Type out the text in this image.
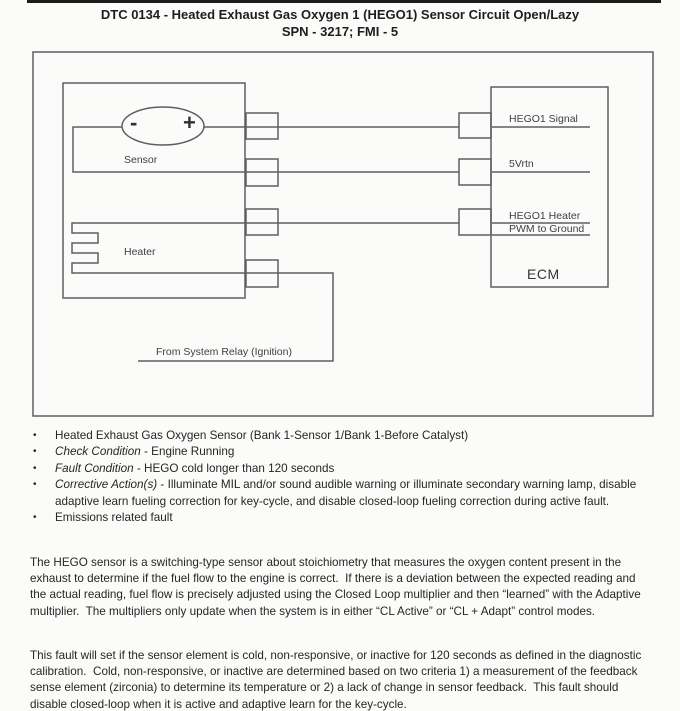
DTC 0134 - Heated Exhaust Gas Oxygen 1 (HEGO1) Sensor Circuit Open/Lazy
SPN - 3217; FMI - 5
- +
Sensor
Heater
From System Relay (Ignition)
HEGO1 Signal
5Vrtn
HEGO1 Heater
PWM to Ground
ECM
• Heated Exhaust Gas Oxygen Sensor (Bank 1-Sensor 1/Bank 1-Before Catalyst)
• Check Condition - Engine Running
• Fault Condition - HEGO cold longer than 120 seconds
• Corrective Action(s) - Illuminate MIL and/or sound audible warning or illuminate secondary warning lamp, disable adaptive learn fueling correction for key-cycle, and disable closed-loop fueling correction during active fault.
• Emissions related fault
The HEGO sensor is a switching-type sensor about stoichiometry that measures the oxygen content present in the exhaust to determine if the fuel flow to the engine is correct.  If there is a deviation between the expected reading and the actual reading, fuel flow is precisely adjusted using the Closed Loop multiplier and then “learned” with the Adaptive multiplier.  The multipliers only update when the system is in either “CL Active” or “CL + Adapt” control modes.
This fault will set if the sensor element is cold, non-responsive, or inactive for 120 seconds as defined in the diagnostic calibration.  Cold, non-responsive, or inactive are determined based on two criteria 1) a measurement of the feedback sense element (zirconia) to determine its temperature or 2) a lack of change in sensor feedback.  This fault should disable closed-loop when it is active and adaptive learn for the key-cycle.
